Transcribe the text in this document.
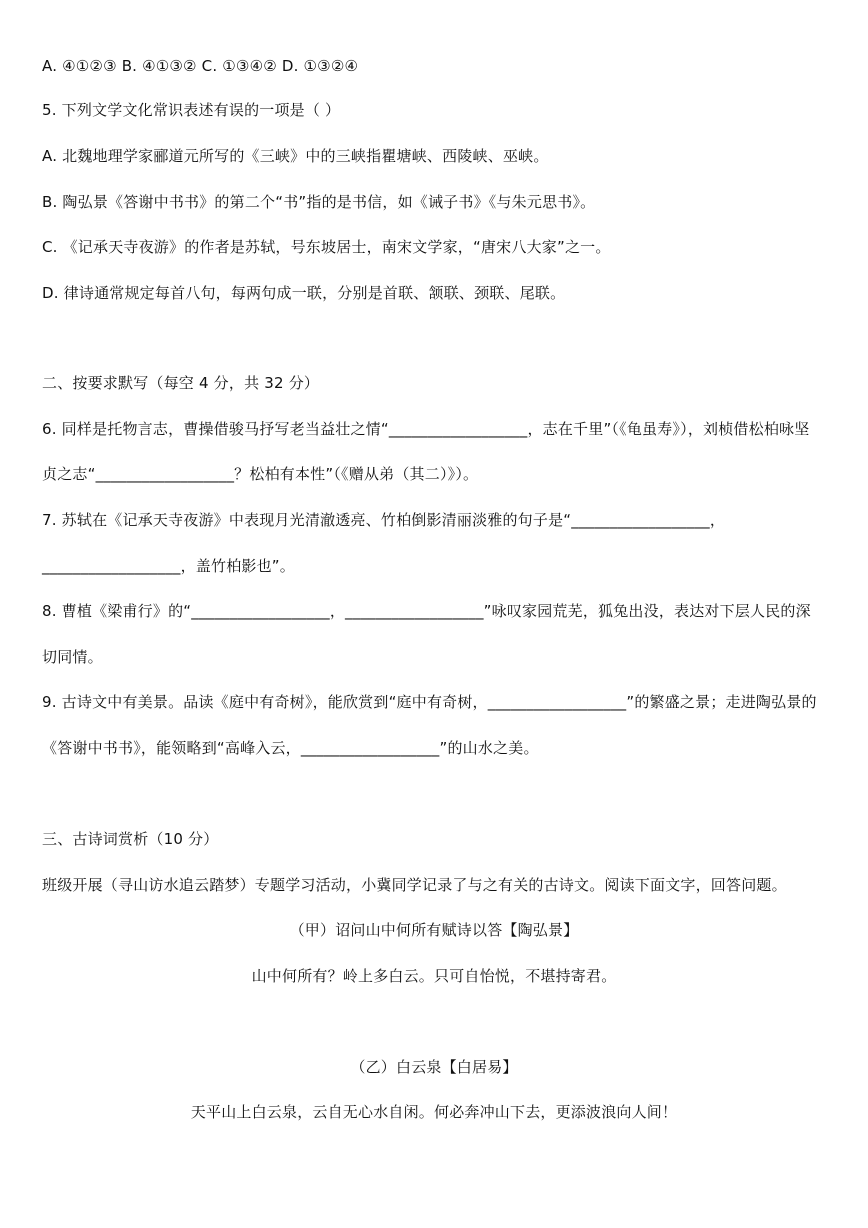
A. ④①②③ B. ④①③② C. ①③④② D. ①③②④
5. 下列文学文化常识表述有误的一项是（ ）
A. 北魏地理学家郦道元所写的《三峡》中的三峡指瞿塘峡、西陵峡、巫峡。
B. 陶弘景《答谢中书书》的第二个“书”指的是书信，如《诫子书》《与朱元思书》。
C. 《记承天寺夜游》的作者是苏轼，号东坡居士，南宋文学家，“唐宋八大家”之一。
D. 律诗通常规定每首八句，每两句成一联，分别是首联、颔联、颈联、尾联。
二、按要求默写（每空 4 分，共 32 分）
6. 同样是托物言志，曹操借骏马抒写老当益壮之情“__________________，志在千里”（《龟虽寿》），刘桢借松柏咏坚
贞之志“__________________？松柏有本性”（《赠从弟（其二）》）。
7. 苏轼在《记承天寺夜游》中表现月光清澈透亮、竹柏倒影清丽淡雅的句子是“__________________，
__________________，盖竹柏影也”。
8. 曹植《梁甫行》的“__________________，__________________”咏叹家园荒芜，狐兔出没，表达对下层人民的深
切同情。
9. 古诗文中有美景。品读《庭中有奇树》，能欣赏到“庭中有奇树，__________________”的繁盛之景；走进陶弘景的
《答谢中书书》，能领略到“高峰入云，__________________”的山水之美。
三、古诗词赏析（10 分）
班级开展（寻山访水追云踏梦）专题学习活动，小冀同学记录了与之有关的古诗文。阅读下面文字，回答问题。
（甲）诏问山中何所有赋诗以答【陶弘景】
山中何所有？岭上多白云。只可自怡悦，不堪持寄君。
（乙）白云泉【白居易】
天平山上白云泉，云自无心水自闲。何必奔冲山下去，更添波浪向人间！
